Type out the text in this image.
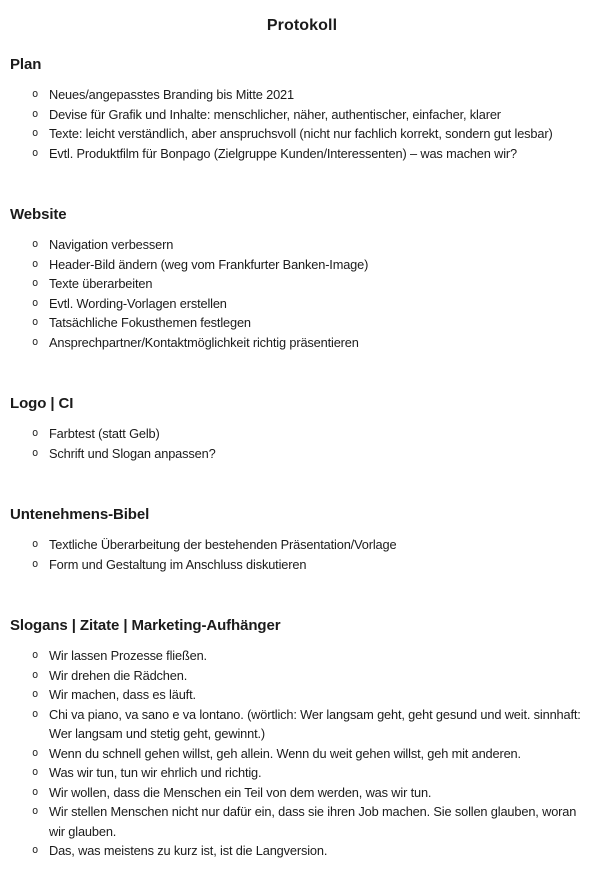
Protokoll
Plan
o Neues/angepasstes Branding bis Mitte 2021
o Devise für Grafik und Inhalte: menschlicher, näher, authentischer, einfacher, klarer
o Texte: leicht verständlich, aber anspruchsvoll (nicht nur fachlich korrekt, sondern gut lesbar)
o Evtl. Produktfilm für Bonpago (Zielgruppe Kunden/Interessenten) – was machen wir?
Website
o Navigation verbessern
o Header-Bild ändern (weg vom Frankfurter Banken-Image)
o Texte überarbeiten
o Evtl. Wording-Vorlagen erstellen
o Tatsächliche Fokusthemen festlegen
o Ansprechpartner/Kontaktmöglichkeit richtig präsentieren
Logo | CI
o Farbtest (statt Gelb)
o Schrift und Slogan anpassen?
Untenehmens-Bibel
o Textliche Überarbeitung der bestehenden Präsentation/Vorlage
o Form und Gestaltung im Anschluss diskutieren
Slogans | Zitate | Marketing-Aufhänger
o Wir lassen Prozesse fließen.
o Wir drehen die Rädchen.
o Wir machen, dass es läuft.
o Chi va piano, va sano e va lontano. (wörtlich: Wer langsam geht, geht gesund und weit. sinnhaft: Wer langsam und stetig geht, gewinnt.)
o Wenn du schnell gehen willst, geh allein. Wenn du weit gehen willst, geh mit anderen.
o Was wir tun, tun wir ehrlich und richtig.
o Wir wollen, dass die Menschen ein Teil von dem werden, was wir tun.
o Wir stellen Menschen nicht nur dafür ein, dass sie ihren Job machen. Sie sollen glauben, woran wir glauben.
o Das, was meistens zu kurz ist, ist die Langversion.
